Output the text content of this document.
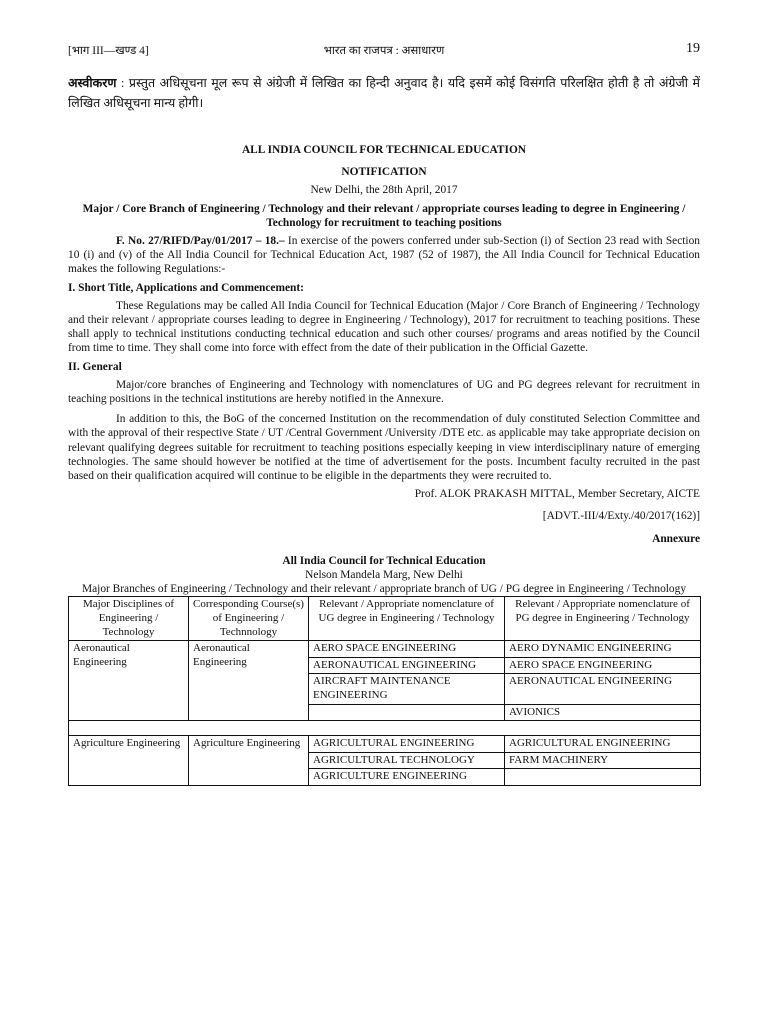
[भाग III—खण्ड 4]	भारत का राजपत्र : असाधारण	19
अस्वीकरण : प्रस्तुत अधिसूचना मूल रूप से अंग्रेजी में लिखित का हिन्दी अनुवाद है। यदि इसमें कोई विसंगति परिलक्षित होती है तो अंग्रेजी में लिखित अधिसूचना मान्य होगी।

ALL INDIA COUNCIL FOR TECHNICAL EDUCATION

NOTIFICATION

New Delhi, the 28th April, 2017

Major / Core Branch of Engineering / Technology and their relevant / appropriate courses leading to degree in Engineering / Technology for recruitment to teaching positions

F. No. 27/RIFD/Pay/01/2017 – 18.– In exercise of the powers conferred under sub-Section (i) of Section 23 read with Section 10 (i) and (v) of the All India Council for Technical Education Act, 1987 (52 of 1987), the All India Council for Technical Education makes the following Regulations:-

I. Short Title, Applications and Commencement:

These Regulations may be called All India Council for Technical Education (Major / Core Branch of Engineering / Technology and their relevant / appropriate courses leading to degree in Engineering / Technology), 2017 for recruitment to teaching positions. These shall apply to technical institutions conducting technical education and such other courses/ programs and areas notified by the Council from time to time. They shall come into force with effect from the date of their publication in the Official Gazette.

II. General

Major/core branches of Engineering and Technology with nomenclatures of UG and PG degrees relevant for recruitment in teaching positions in the technical institutions are hereby notified in the Annexure.

In addition to this, the BoG of the concerned Institution on the recommendation of duly constituted Selection Committee and with the approval of their respective State / UT /Central Government /University /DTE etc. as applicable may take appropriate decision on relevant qualifying degrees suitable for recruitment to teaching positions especially keeping in view interdisciplinary nature of emerging technologies. The same should however be notified at the time of advertisement for the posts. Incumbent faculty recruited in the past based on their qualification acquired will continue to be eligible in the departments they were recruited to.

Prof. ALOK PRAKASH MITTAL, Member Secretary, AICTE

[ADVT.-III/4/Exty./40/2017(162)]

Annexure

All India Council for Technical Education

Nelson Mandela Marg, New Delhi

Major Branches of Engineering / Technology and their relevant / appropriate branch of UG / PG degree in Engineering / Technology

Major Disciplines of Engineering / Technology	Corresponding Course(s) of Engineering / Technnology	Relevant / Appropriate nomenclature of UG degree in Engineering / Technology	Relevant / Appropriate nomenclature of PG degree in Engineering / Technology
Aeronautical Engineering	Aeronautical Engineering	AERO SPACE ENGINEERING	AERO DYNAMIC ENGINEERING
		AERONAUTICAL ENGINEERING	AERO SPACE ENGINEERING
		AIRCRAFT MAINTENANCE ENGINEERING	AERONAUTICAL ENGINEERING
			AVIONICS

Agriculture Engineering	Agriculture Engineering	AGRICULTURAL ENGINEERING	AGRICULTURAL ENGINEERING
		AGRICULTURAL TECHNOLOGY	FARM MACHINERY
		AGRICULTURE ENGINEERING	
